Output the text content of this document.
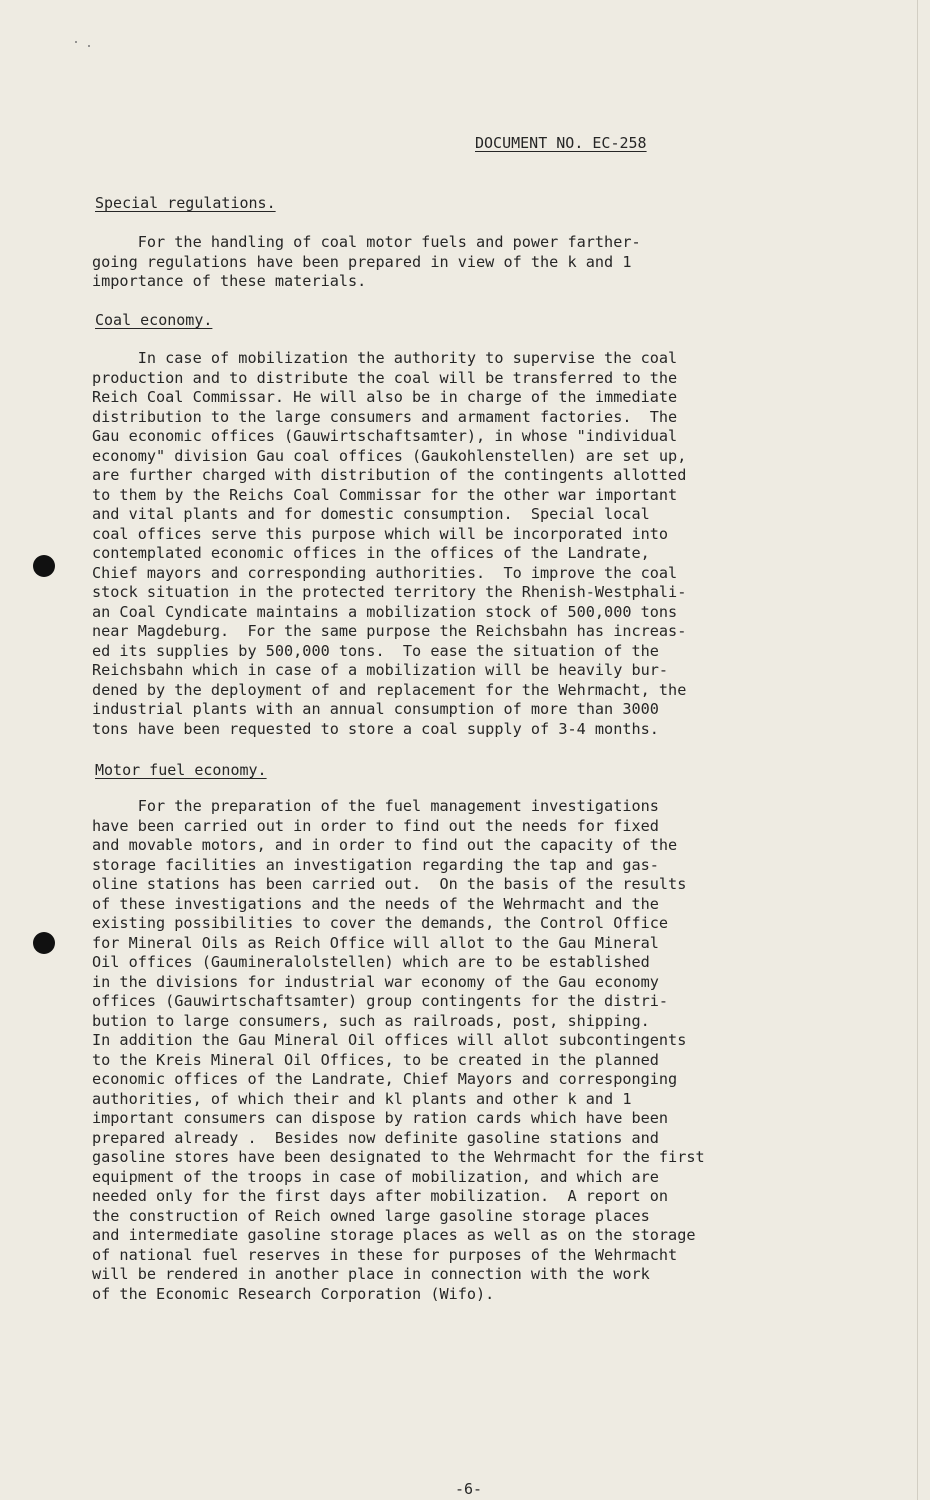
DOCUMENT NO. EC-258
Special regulations.
For the handling of coal motor fuels and power farther-
going regulations have been prepared in view of the k and 1
importance of these materials.
Coal economy.
In case of mobilization the authority to supervise the coal
production and to distribute the coal will be transferred to the
Reich Coal Commissar. He will also be in charge of the immediate
distribution to the large consumers and armament factories.  The
Gau economic offices (Gauwirtschaftsamter), in whose "individual
economy" division Gau coal offices (Gaukohlenstellen) are set up,
are further charged with distribution of the contingents allotted
to them by the Reichs Coal Commissar for the other war important
and vital plants and for domestic consumption.  Special local
coal offices serve this purpose which will be incorporated into
contemplated economic offices in the offices of the Landrate,
Chief mayors and corresponding authorities.  To improve the coal
stock situation in the protected territory the Rhenish-Westphali-
an Coal Cyndicate maintains a mobilization stock of 500,000 tons
near Magdeburg.  For the same purpose the Reichsbahn has increas-
ed its supplies by 500,000 tons.  To ease the situation of the
Reichsbahn which in case of a mobilization will be heavily bur-
dened by the deployment of and replacement for the Wehrmacht, the
industrial plants with an annual consumption of more than 3000
tons have been requested to store a coal supply of 3-4 months.
Motor fuel economy.
For the preparation of the fuel management investigations
have been carried out in order to find out the needs for fixed
and movable motors, and in order to find out the capacity of the
storage facilities an investigation regarding the tap and gas-
oline stations has been carried out.  On the basis of the results
of these investigations and the needs of the Wehrmacht and the
existing possibilities to cover the demands, the Control Office
for Mineral Oils as Reich Office will allot to the Gau Mineral
Oil offices (Gaumineralolstellen) which are to be established
in the divisions for industrial war economy of the Gau economy
offices (Gauwirtschaftsamter) group contingents for the distri-
bution to large consumers, such as railroads, post, shipping.
In addition the Gau Mineral Oil offices will allot subcontingents
to the Kreis Mineral Oil Offices, to be created in the planned
economic offices of the Landrate, Chief Mayors and corresponging
authorities, of which their and kl plants and other k and 1
important consumers can dispose by ration cards which have been
prepared already .  Besides now definite gasoline stations and
gasoline stores have been designated to the Wehrmacht for the first
equipment of the troops in case of mobilization, and which are
needed only for the first days after mobilization.  A report on
the construction of Reich owned large gasoline storage places
and intermediate gasoline storage places as well as on the storage
of national fuel reserves in these for purposes of the Wehrmacht
will be rendered in another place in connection with the work
of the Economic Research Corporation (Wifo).
-6-
